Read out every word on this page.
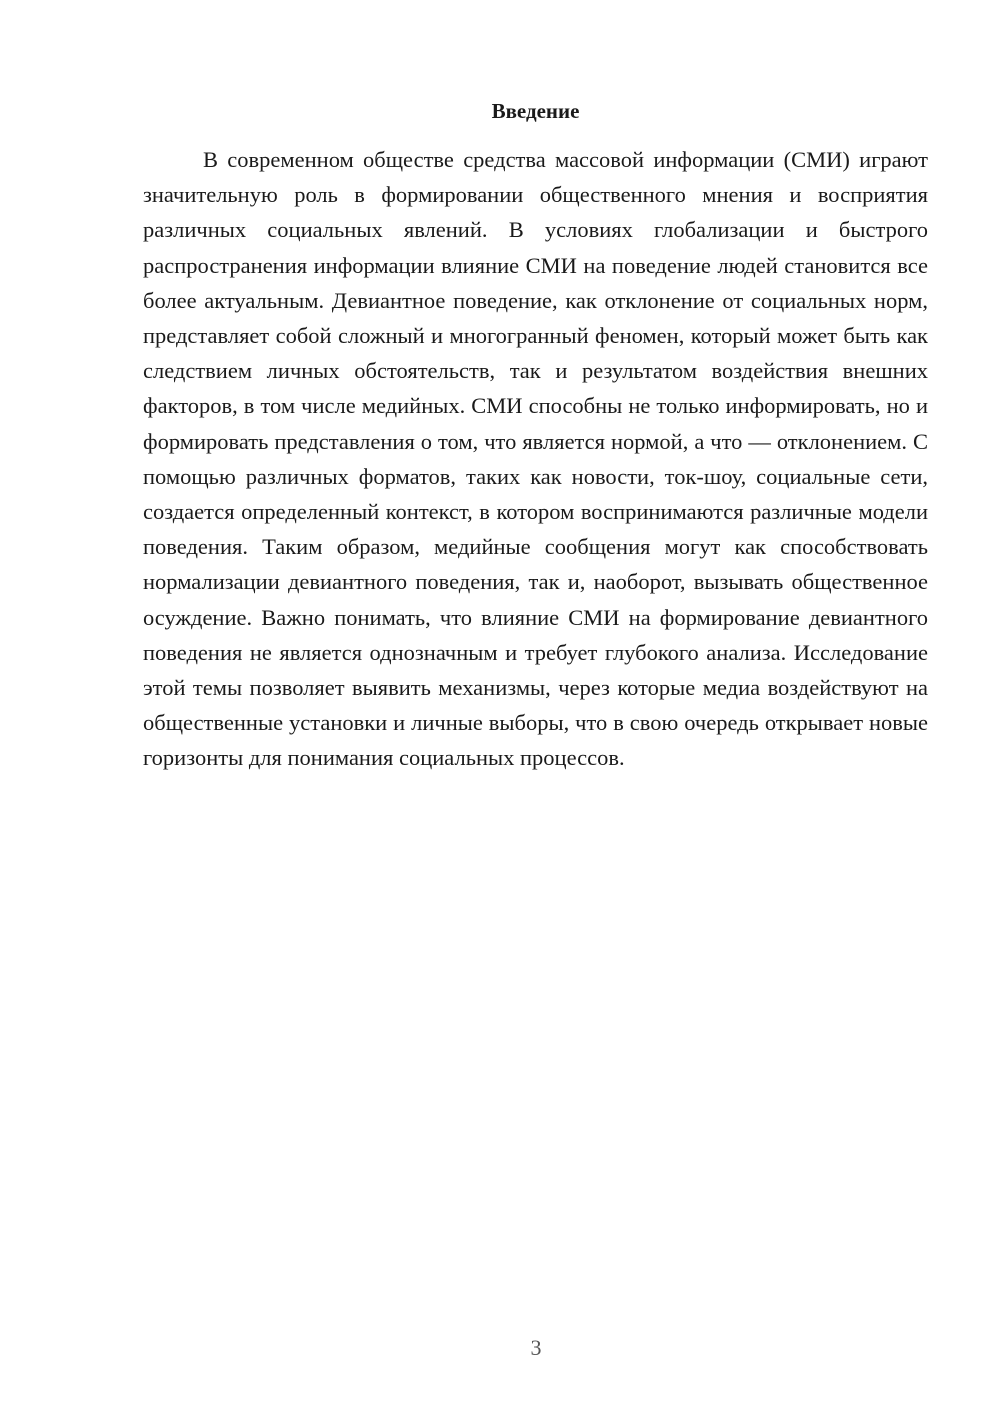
Введение

В современном обществе средства массовой информации (СМИ) играют значительную роль в формировании общественного мнения и восприятия различных социальных явлений. В условиях глобализации и быстрого распространения информации влияние СМИ на поведение людей становится все более актуальным. Девиантное поведение, как отклонение от социальных норм, представляет собой сложный и многогранный феномен, который может быть как следствием личных обстоятельств, так и результатом воздействия внешних факторов, в том числе медийных. СМИ способны не только информировать, но и формировать представления о том, что является нормой, а что — отклонением. С помощью различных форматов, таких как новости, ток-шоу, социальные сети, создается определенный контекст, в котором воспринимаются различные модели поведения. Таким образом, медийные сообщения могут как способствовать нормализации девиантного поведения, так и, наоборот, вызывать общественное осуждение. Важно понимать, что влияние СМИ на формирование девиантного поведения не является однозначным и требует глубокого анализа. Исследование этой темы позволяет выявить механизмы, через которые медиа воздействуют на общественные установки и личные выборы, что в свою очередь открывает новые горизонты для понимания социальных процессов.

3
